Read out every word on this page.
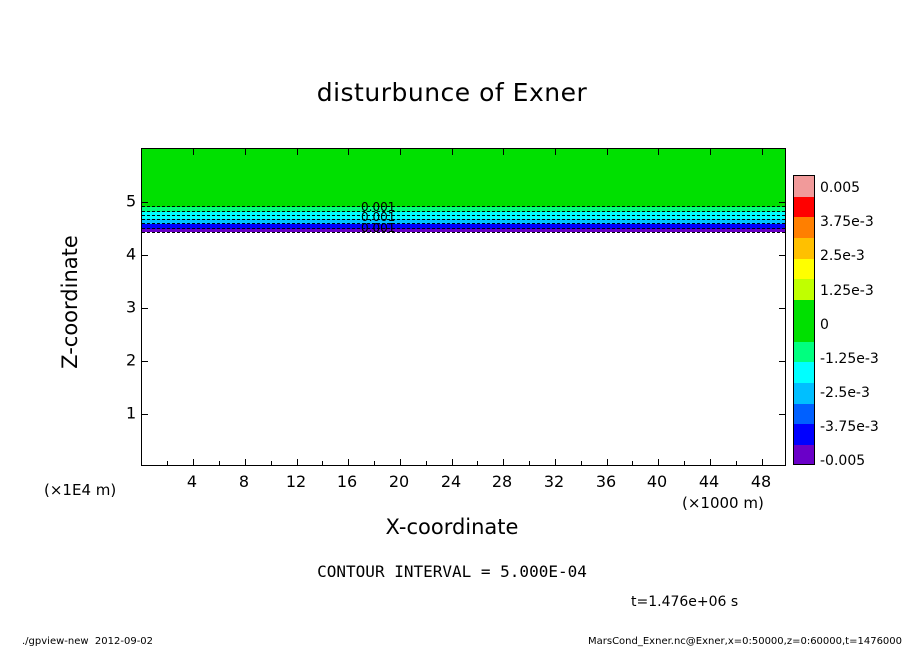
disturbunce of Exner
0.001
0.001
0.001
4	8 12 16 20 24 28 32 36 40 44 48
1
2
3
4
5
(×1E4 m)
(×1000 m)
X-coordinate
Z-coordinate
CONTOUR INTERVAL = 5.000E-04
t=1.476e+06 s
./gpview-new  2012-09-02	MarsCond_Exner.nc@Exner,x=0:50000,z=0:60000,t=1476000
0.005
3.75e-3
2.5e-3
1.25e-3
0
-1.25e-3
-2.5e-3
-3.75e-3
-0.005
